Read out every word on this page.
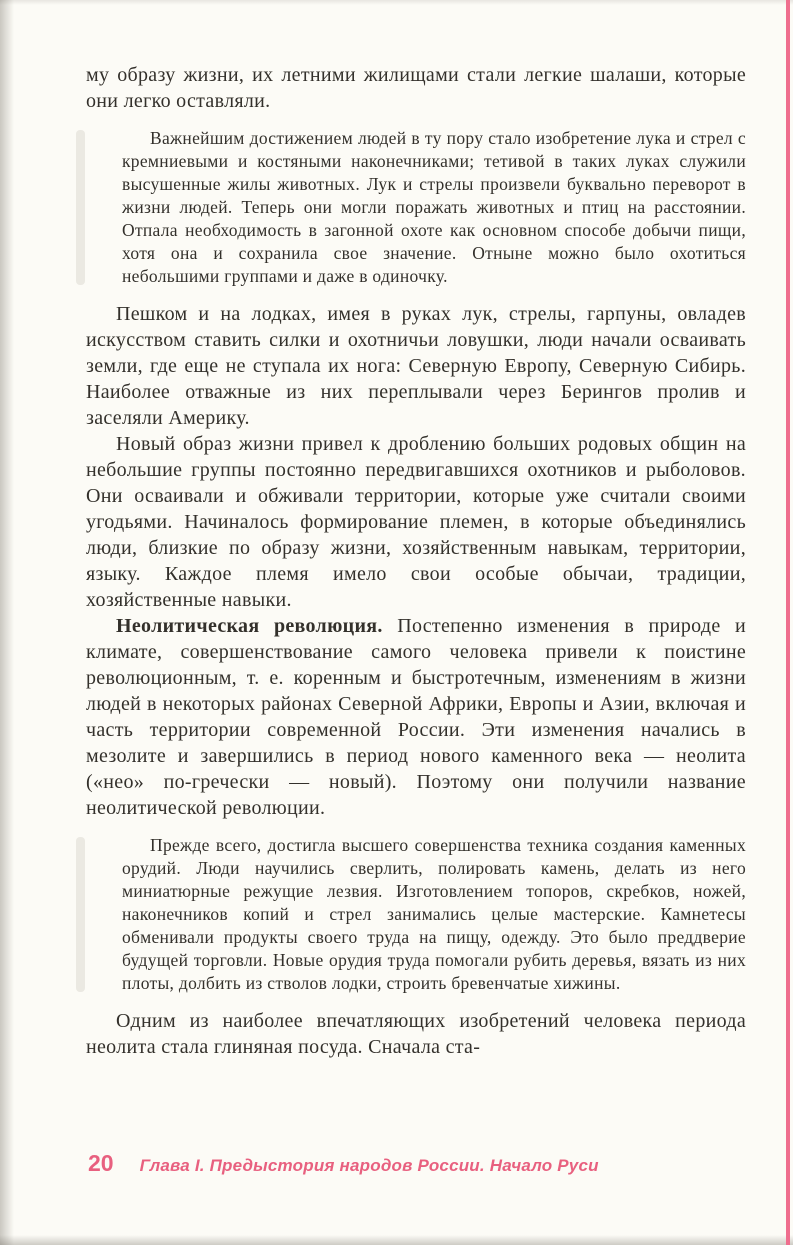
му образу жизни, их летними жилищами стали легкие шалаши, которые они легко оставляли.

Важнейшим достижением людей в ту пору стало изобретение лука и стрел с кремниевыми и костяными наконечниками; тетивой в таких луках служили высушенные жилы животных. Лук и стрелы произвели буквально переворот в жизни людей. Теперь они могли поражать животных и птиц на расстоянии. Отпала необходимость в загонной охоте как основном способе добычи пищи, хотя она и сохранила свое значение. Отныне можно было охотиться небольшими группами и даже в одиночку.

Пешком и на лодках, имея в руках лук, стрелы, гарпуны, овладев искусством ставить силки и охотничьи ловушки, люди начали осваивать земли, где еще не ступала их нога: Северную Европу, Северную Сибирь. Наиболее отважные из них переплывали через Берингов пролив и заселяли Америку.

Новый образ жизни привел к дроблению больших родовых общин на небольшие группы постоянно передвигавшихся охотников и рыболовов. Они осваивали и обживали территории, которые уже считали своими угодьями. Начиналось формирование племен, в которые объединялись люди, близкие по образу жизни, хозяйственным навыкам, территории, языку. Каждое племя имело свои особые обычаи, традиции, хозяйственные навыки.

Неолитическая революция. Постепенно изменения в природе и климате, совершенствование самого человека привели к поистине революционным, т. е. коренным и быстротечным, изменениям в жизни людей в некоторых районах Северной Африки, Европы и Азии, включая и часть территории современной России. Эти изменения начались в мезолите и завершились в период нового каменного века — неолита («нео» по-гречески — новый). Поэтому они получили название неолитической революции.

Прежде всего, достигла высшего совершенства техника создания каменных орудий. Люди научились сверлить, полировать камень, делать из него миниатюрные режущие лезвия. Изготовлением топоров, скребков, ножей, наконечников копий и стрел занимались целые мастерские. Камнетесы обменивали продукты своего труда на пищу, одежду. Это было преддверие будущей торговли. Новые орудия труда помогали рубить деревья, вязать из них плоты, долбить из стволов лодки, строить бревенчатые хижины.

Одним из наиболее впечатляющих изобретений человека периода неолита стала глиняная посуда. Сначала ста-

20 Глава I. Предыстория народов России. Начало Руси
